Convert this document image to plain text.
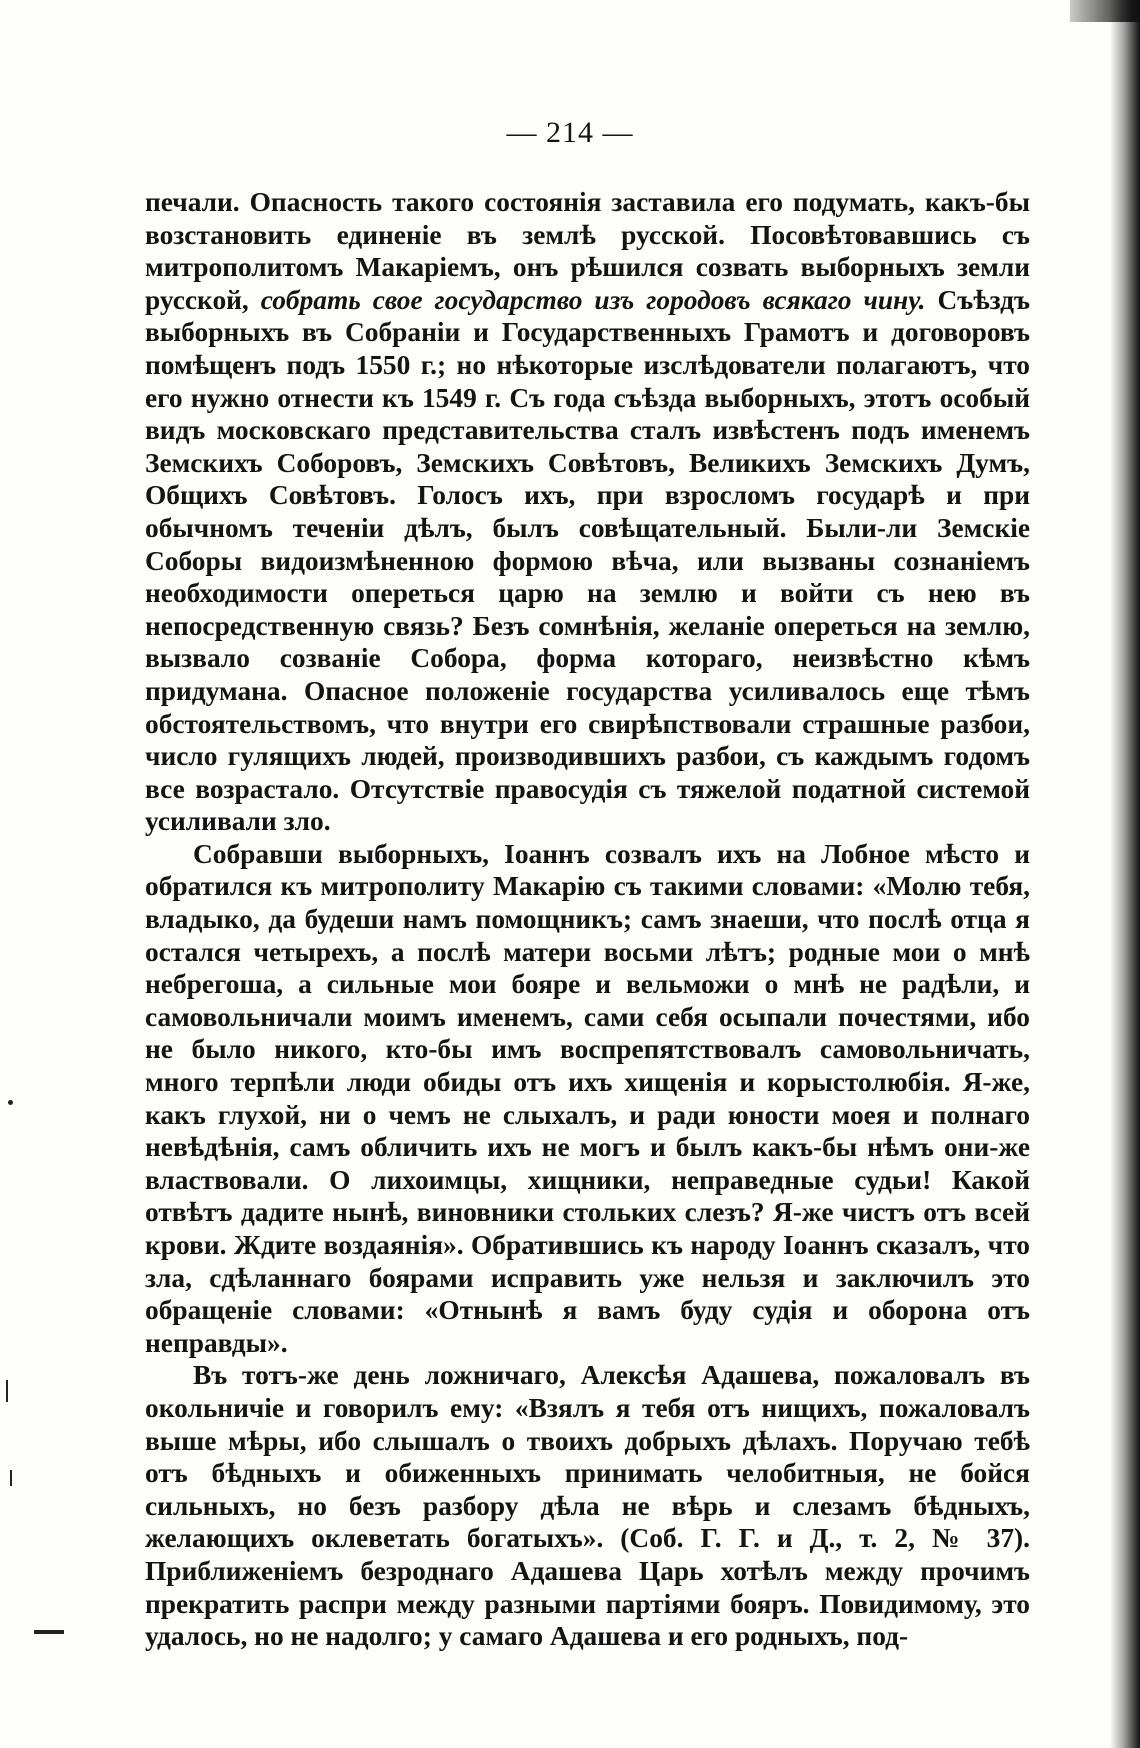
— 214 —

печали. Опасность такого состоянія заставила его подумать, какъ-бы возстановить единеніе въ землѣ русской. Посовѣтовавшись съ митрополитомъ Макаріемъ, онъ рѣшился созвать выборныхъ земли русской, собрать свое государство изъ городовъ всякаго чину. Съѣздъ выборныхъ въ Собраніи и Государственныхъ Грамотъ и договоровъ помѣщенъ подъ 1550 г.; но нѣкоторые изслѣдователи полагаютъ, что его нужно отнести къ 1549 г. Съ года съѣзда выборныхъ, этотъ особый видъ московскаго представительства сталъ извѣстенъ подъ именемъ Земскихъ Соборовъ, Земскихъ Совѣтовъ, Великихъ Земскихъ Думъ, Общихъ Совѣтовъ. Голосъ ихъ, при взросломъ государѣ и при обычномъ теченіи дѣлъ, былъ совѣщательный. Были-ли Земскіе Соборы видоизмѣненною формою вѣча, или вызваны сознаніемъ необходимости опереться царю на землю и войти съ нею въ непосредственную связь? Безъ сомнѣнія, желаніе опереться на землю, вызвало созваніе Собора, форма котораго, неизвѣстно кѣмъ придумана. Опасное положеніе государства усиливалось еще тѣмъ обстоятельствомъ, что внутри его свирѣпствовали страшные разбои, число гулящихъ людей, производившихъ разбои, съ каждымъ годомъ все возрастало. Отсутствіе правосудія съ тяжелой податной системой усиливали зло.

Собравши выборныхъ, Іоаннъ созвалъ ихъ на Лобное мѣсто и обратился къ митрополиту Макарію съ такими словами: «Молю тебя, владыко, да будеши намъ помощникъ; самъ знаеши, что послѣ отца я остался четырехъ, а послѣ матери восьми лѣтъ; родные мои о мнѣ небрегоша, а сильные мои бояре и вельможи о мнѣ не радѣли, и самовольничали моимъ именемъ, сами себя осыпали почестями, ибо не было никого, кто-бы имъ воспрепятствовалъ самовольничать, много терпѣли люди обиды отъ ихъ хищенія и корыстолюбія. Я-же, какъ глухой, ни о чемъ не слыхалъ, и ради юности моея и полнаго невѣдѣнія, самъ обличить ихъ не могъ и былъ какъ-бы нѣмъ они-же властвовали. О лихоимцы, хищники, неправедные судьи! Какой отвѣтъ дадите нынѣ, виновники стольких слезъ? Я-же чистъ отъ всей крови. Ждите воздаянія». Обратившись къ народу Іоаннъ сказалъ, что зла, сдѣланнаго боярами исправить уже нельзя и заключилъ это обращеніе словами: «Отнынѣ я вамъ буду судія и оборона отъ неправды».

Въ тотъ-же день ложничаго, Алексѣя Адашева, пожаловалъ въ окольничіе и говорилъ ему: «Взялъ я тебя отъ нищихъ, пожаловалъ выше мѣры, ибо слышалъ о твоихъ добрыхъ дѣлахъ. Поручаю тебѣ отъ бѣдныхъ и обиженныхъ принимать челобитныя, не бойся сильныхъ, но безъ разбору дѣла не вѣрь и слезамъ бѣдныхъ, желающихъ оклеветать богатыхъ». (Соб. Г. Г. и Д., т. 2, № 37). Приближеніемъ безроднаго Адашева Царь хотѣлъ между прочимъ прекратить распри между разными партіями бояръ. Повидимому, это удалось, но не надолго; у самаго Адашева и его родныхъ, под-
